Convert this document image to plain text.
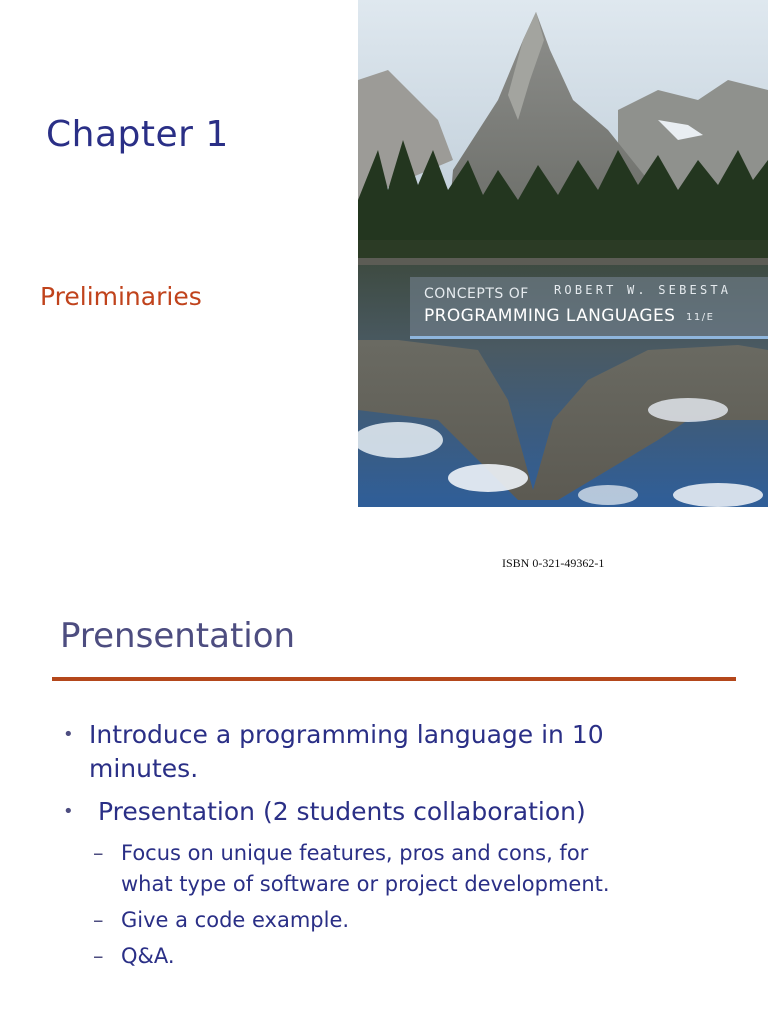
Chapter 1
Preliminaries	CONCEPTS OF ROBERT W. SEBESTA
PROGRAMMING LANGUAGES 11/E
ISBN 0-321-49362-1
Prensentation
• Introduce a programming language in 10
minutes.
• Presentation (2 students collaboration)
– Focus on unique features, pros and cons, for
what type of software or project development.
– Give a code example.
– Q&A.
